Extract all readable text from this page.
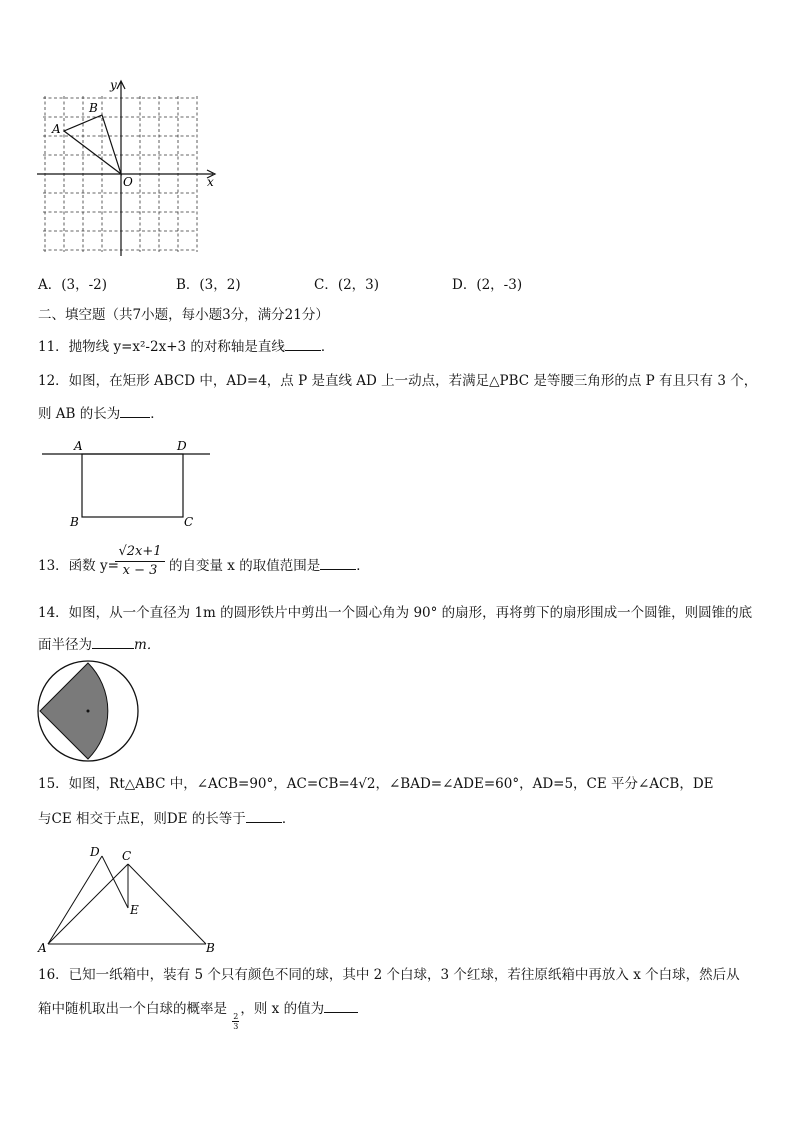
y
x
O
A
B
A．(3，-2)	B．(3，2)	C．(2，3)	D．(2，-3)
二、填空题（共7小题，每小题3分，满分21分）
11．抛物线 y=x²-2x+3 的对称轴是直线	．
12．如图，在矩形 ABCD 中，AD=4，点 P 是直线 AD 上一动点，若满足△PBC 是等腰三角形的点 P 有且只有 3 个，
则 AB 的长为 ．
A	D
B	C
13．函数 y=
√2x+1
x − 3 的自变量 x 的取值范围是	．
14．如图，从一个直径为 1m 的圆形铁片中剪出一个圆心角为 90° 的扇形，再将剪下的扇形围成一个圆锥，则圆锥的底
面半径为	m．
15．如图，Rt△ABC 中，∠ACB=90°，AC=CB=4√2，∠BAD=∠ADE=60°，AD=5，CE 平分∠ACB，DE
与CE 相交于点E，则DE 的长等于	．
D C
E
A	B
16．已知一纸箱中，装有 5 个只有颜色不同的球，其中 2 个白球，3 个红球，若往原纸箱中再放入 x 个白球，然后从
箱中随机取出一个白球的概率是
$\frac{2}{3}$
，则 x 的值为
